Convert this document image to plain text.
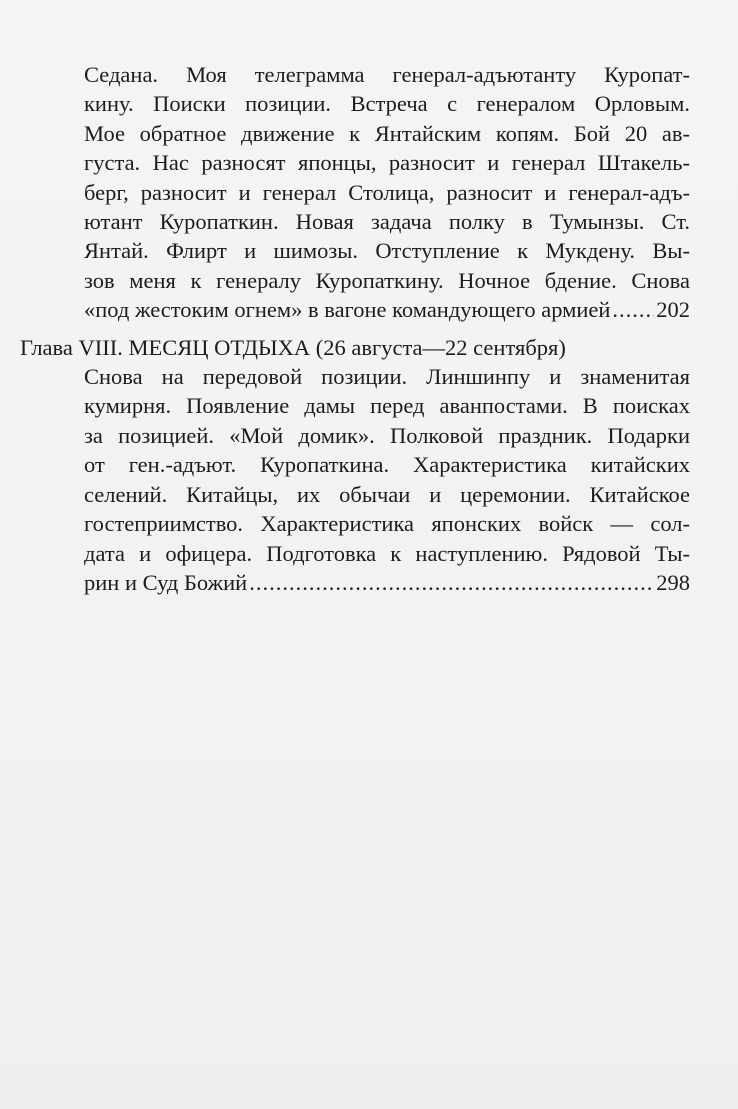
Седана. Моя телеграмма генерал-адъютанту Куропат-
кину. Поиски позиции. Встреча с генералом Орловым.
Мое обратное движение к Янтайским копям. Бой 20 ав-
густа. Нас разносят японцы, разносит и генерал Штакель-
берг, разносит и генерал Столица, разносит и генерал-адъ-
ютант Куропаткин. Новая задача полку в Тумынзы. Ст.
Янтай. Флирт и шимозы. Отступление к Мукдену. Вы-
зов меня к генералу Куропаткину. Ночное бдение. Снова
«под жестоким огнем» в вагоне командующего армией ..... 202
Глава VIII. МЕСЯЦ ОТДЫХА (26 августа—22 сентября)
Снова на передовой позиции. Линшинпу и знаменитая
кумирня. Появление дамы перед аванпостами. В поисках
за позицией. «Мой домик». Полковой праздник. Подарки
от ген.-адъют. Куропаткина. Характеристика китайских
селений. Китайцы, их обычаи и церемонии. Китайское
гостеприимство. Характеристика японских войск — сол-
дата и офицера. Подготовка к наступлению. Рядовой Ты-
рин и Суд Божий .....	298
